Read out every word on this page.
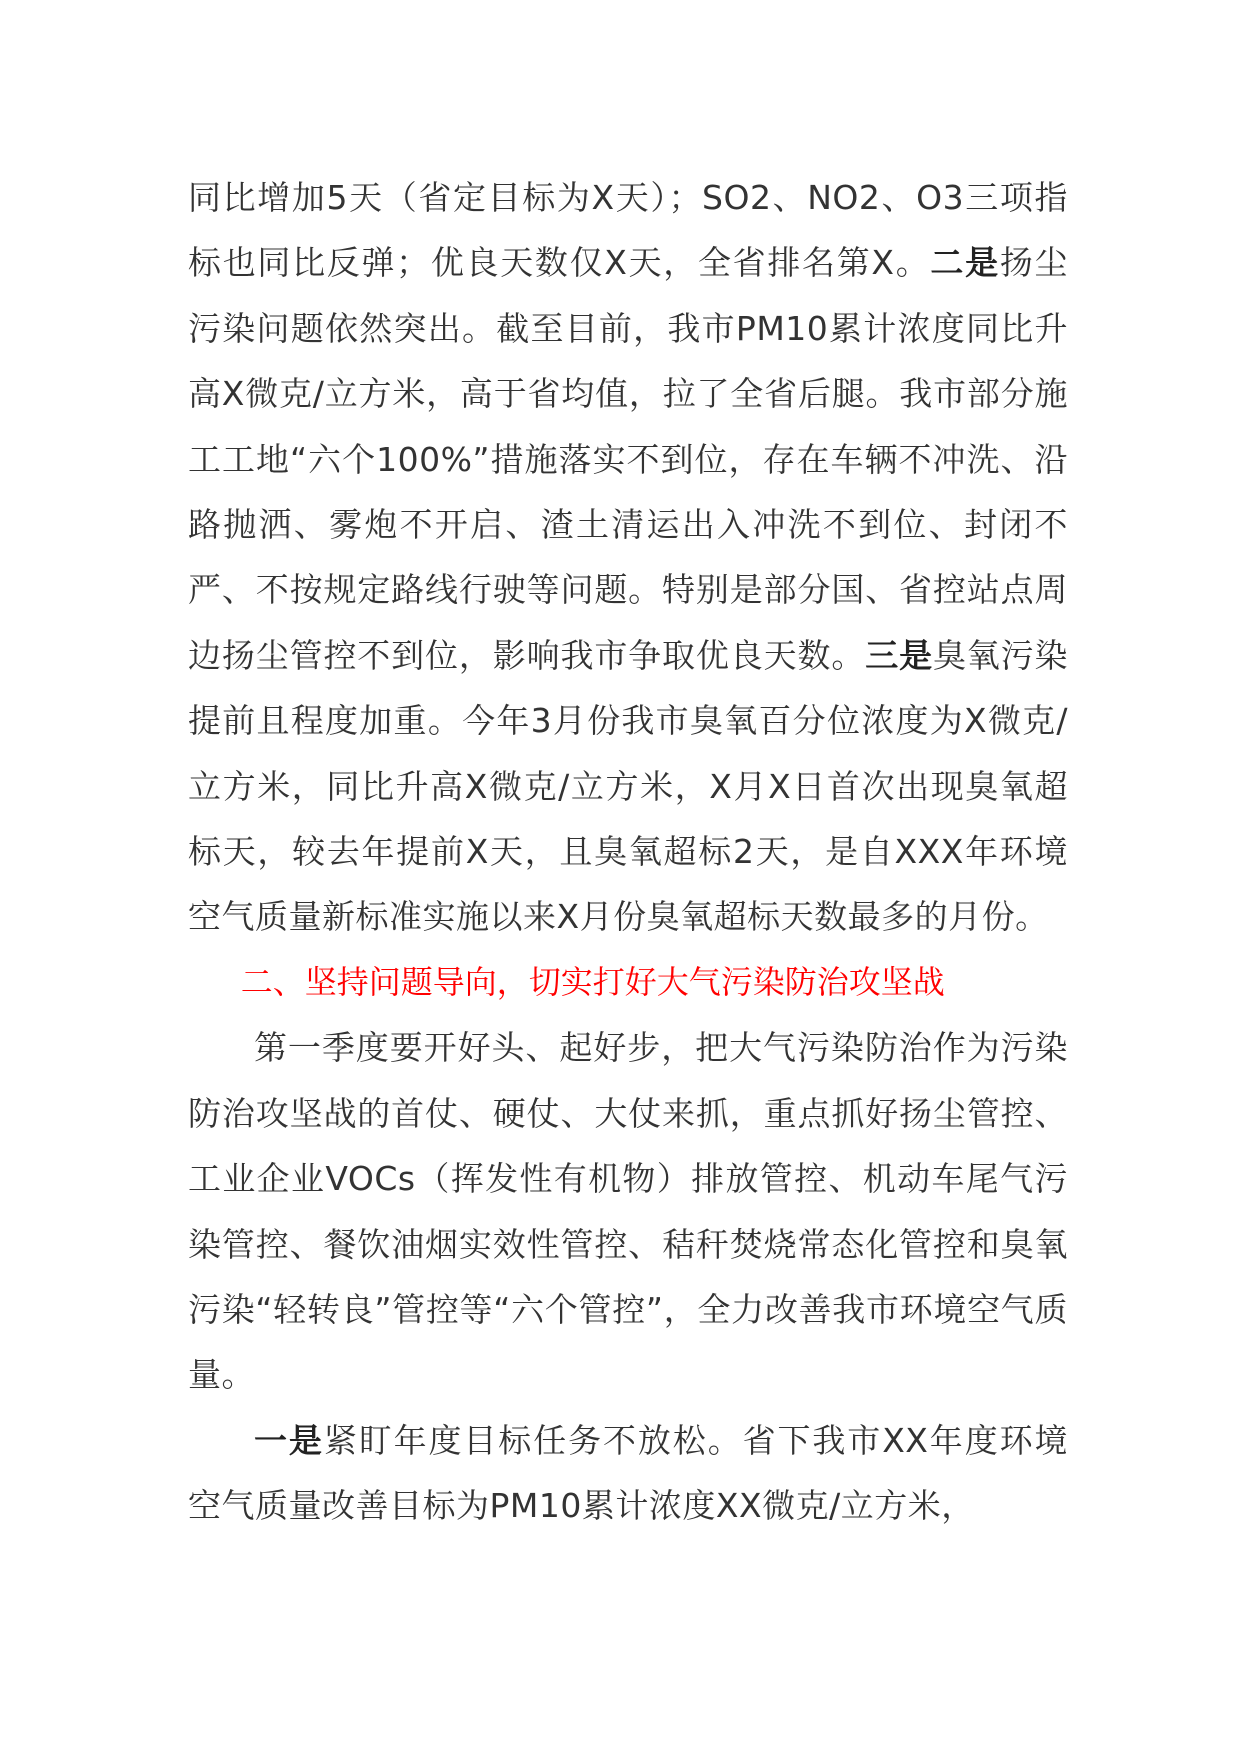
同比增加5天（省定目标为X天）；SO2、NO2、O3三项指标也同比反弹；优良天数仅X天，全省排名第X。二是扬尘污染问题依然突出。截至目前，我市PM10累计浓度同比升高X微克/立方米，高于省均值，拉了全省后腿。我市部分施工工地“六个100%”措施落实不到位，存在车辆不冲洗、沿路抛洒、雾炮不开启、渣土清运出入冲洗不到位、封闭不严、不按规定路线行驶等问题。特别是部分国、省控站点周边扬尘管控不到位，影响我市争取优良天数。三是臭氧污染提前且程度加重。今年3月份我市臭氧百分位浓度为X微克/立方米，同比升高X微克/立方米，X月X日首次出现臭氧超标天，较去年提前X天，且臭氧超标2天，是自XXX年环境空气质量新标准实施以来X月份臭氧超标天数最多的月份。

二、坚持问题导向，切实打好大气污染防治攻坚战

第一季度要开好头、起好步，把大气污染防治作为污染防治攻坚战的首仗、硬仗、大仗来抓，重点抓好扬尘管控、工业企业VOCs（挥发性有机物）排放管控、机动车尾气污染管控、餐饮油烟实效性管控、秸秆焚烧常态化管控和臭氧污染“轻转良”管控等“六个管控”，全力改善我市环境空气质量。

一是紧盯年度目标任务不放松。省下我市XX年度环境空气质量改善目标为PM10累计浓度XX微克/立方米，
